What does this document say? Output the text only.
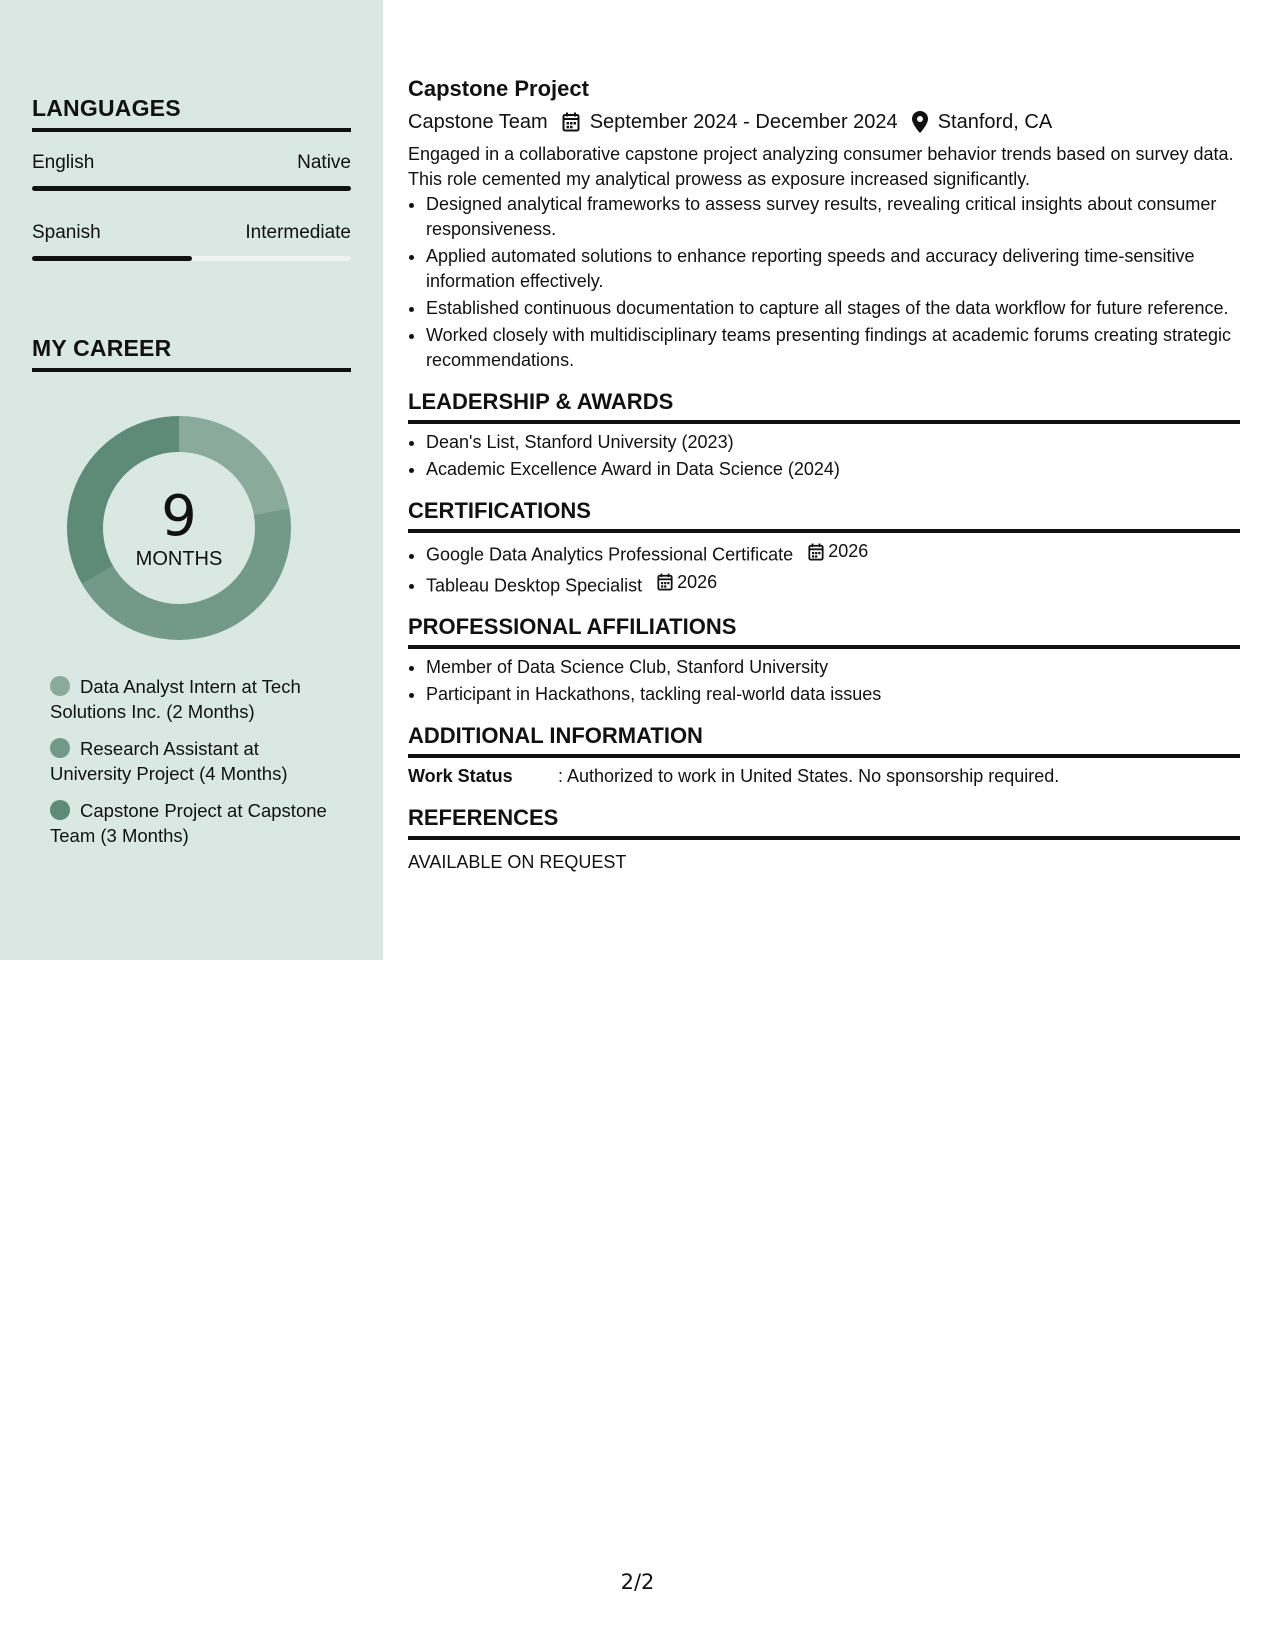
LANGUAGES
English	Native
Spanish	Intermediate
MY CAREER
9
MONTHS
Data Analyst Intern at Tech Solutions Inc. (2 Months)
Research Assistant at University Project (4 Months)
Capstone Project at Capstone Team (3 Months)
Capstone Project
Capstone Team September 2024 - December 2024 Stanford, CA

Engaged in a collaborative capstone project analyzing consumer behavior trends based on survey data. This role cemented my analytical prowess as exposure increased significantly.

• Designed analytical frameworks to assess survey results, revealing critical insights about consumer responsiveness.
• Applied automated solutions to enhance reporting speeds and accuracy delivering time-sensitive information effectively.
• Established continuous documentation to capture all stages of the data workflow for future reference.
• Worked closely with multidisciplinary teams presenting findings at academic forums creating strategic recommendations.
LEADERSHIP & AWARDS
• Dean's List, Stanford University (2023)
• Academic Excellence Award in Data Science (2024)
CERTIFICATIONS
• Google Data Analytics Professional Certificate 2026
• Tableau Desktop Specialist 2026
PROFESSIONAL AFFILIATIONS
• Member of Data Science Club, Stanford University
• Participant in Hackathons, tackling real-world data issues
ADDITIONAL INFORMATION
Work Status	: Authorized to work in United States. No sponsorship required.
REFERENCES

AVAILABLE ON REQUEST

2/2
